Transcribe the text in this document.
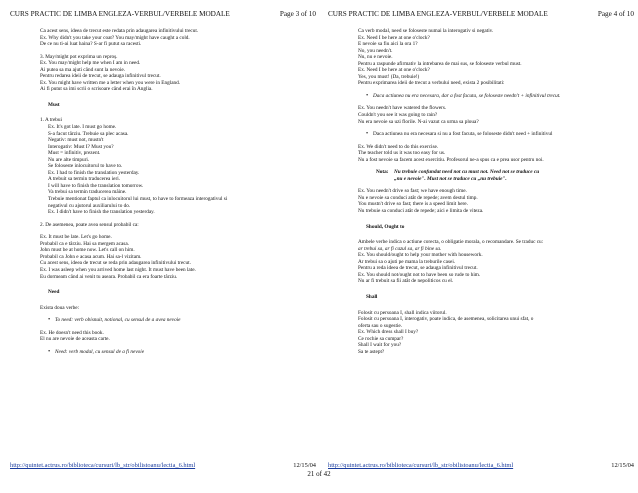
CURS PRACTIC DE LIMBA ENGLEZA-VERBUL/VERBELE MODALE	Page 3 of 10
Ca acest sens, ideea de trecut este redata prin adaugarea infinitivului trecut.
Ex. Why didn't you take your coat? You may/might have caught a cold.
De ce nu ti-ai luat haina? S-ar fi putut sa racesti.
3. May/might pot exprima un reproș.
Ex. You may/might help me when I am in need.
Ai putea sa ma ajuti când sunt la nevoie.
Pentru redarea ideii de trecut, se adauga infinitivul trecut.
Ex. You might have written me a letter when you were in England.
Ai fi putut sa imi scrii o scrisoare când erai în Anglia.
Must
1. A trebui
Ex. It's got late. I must go home.
S-a facut târziu. Trebuie sa plec acasa.
Negativ: must not, mustn't
Interogativ: Must I? Must you?
Must = infinitiv, prezent.
Nu are alte timpuri.
Se foloseste inlocuitorul to have to.
Ex. I had to finish the translation yesterday.
A trebuit sa termin traducerea ieri.
I will have to finish the translation tomorrow.
Va trebui sa termin traducerea mâine.
Trebuie mentionat faptul ca inlocuitorul lui must, to have to formeaza interogativul si
negativul cu ajutorul auxiliarului to do.
Ex. I didn't have to finish the translation yesterday.
2. De asemenea, poate avea sensul probabil ca:
Ex. It must be late. Let's go home.
Probabil ca e târziu. Hai sa mergem acasa.
John must be at home now. Let's call on him.
Probabil ca John e acasa acum. Hai sa-l vizitam.
Cu acest sens, ideea de trecut se reda prin adaugarea infinitivului trecut.
Ex. I was asleep when you arrived home last night. It must have been late.
Eu dormeam când ai venit tu aseara. Probabil ca era foarte târziu.
Need
Exista doua verbe:
• To need: verb obisnuit, notional, cu sensul de a avea nevoie
Ex. He doesn't need this book.
El nu are nevoie de aceasta carte.
• Need: verb modal, cu sensul de a fi nevoie
http://quintet.actrus.ro/biblioteca/cursuri/lb_str/obilistoanu/lectia_6.html	12/15/04
CURS PRACTIC DE LIMBA ENGLEZA-VERBUL/VERBELE MODALE	Page 4 of 10
Ca verb modal, need se foloseste numai la interogativ si negativ.
Ex. Need I be here at one o'clock?
E nevoie sa fiu aici la ora 1?
No, you needn't.
Nu, nu e nevoie.
Pentru a raspunde afirmativ la intrebarea de mai sus, se foloseste verbul must.
Ex. Need I be here at one o'clock?
Yes, you must! (Da, trebuie!)
Pentru exprimarea ideii de trecut a verbului need, exista 2 posibilitati:
• Daca actiunea nu era necesara, dar a fost facuta, se foloseste needn't + infinitivul trecut.
Ex. You needn't have watered the flowers.
Couldn't you see it was going to rain?
Nu era nevoie sa uzi florile. N-ai vazut ca urma sa ploua?
• Daca actiunea nu era necesara si nu a fost facuta, se foloseste didn't need + infinitivul
Ex. We didn't need to do this exercise.
The teacher told us it was too easy for us.
Nu a fost nevoie sa facem acest exercitiu. Profesorul ne-a spus ca e prea usor pentru noi.
Nota:	Nu trebuie confundat need not cu must not. Need not se traduce cu
„nu e nevoie". Must not se traduce cu „nu trebuie".
Ex. You needn't drive so fast; we have enough time.
Nu e nevoie sa conduci atât de repede; avem destul timp.
You mustn't drive so fast; there is a speed limit here.
Nu trebuie sa conduci atât de repede; aici e limita de viteza.
Should, Ought to
Ambele verbe indica o actiune corecta, o obligatie morala, o recomandare. Se traduc cu:
ar trebui sa, ar fi cazul sa, ar fi bine sa.
Ex. You should/ought to help your mother with housework.
Ar trebui sa o ajuti pe mama la treburile casei.
Pentru a reda ideea de trecut, se adauga infinitivul trecut.
Ex. You should not/ought not to have been so rude to him.
Nu ar fi trebuit sa fii atât de nepoliticos cu el.
Shall
Folosit cu persoana I, shall indica viitorul.
Folosit cu persoana I, interogativ, poate indica, de asemenea, solicitarea unui sfat, o
oferta sau o sugestie.
Ex. Which dress shall I buy?
Ce rochie sa cumpar?
Shall I wait for you?
Sa te astept?
http://quintet.actrus.ro/biblioteca/cursuri/lb_str/obilistoanu/lectia_6.html	12/15/04
21 of 42
